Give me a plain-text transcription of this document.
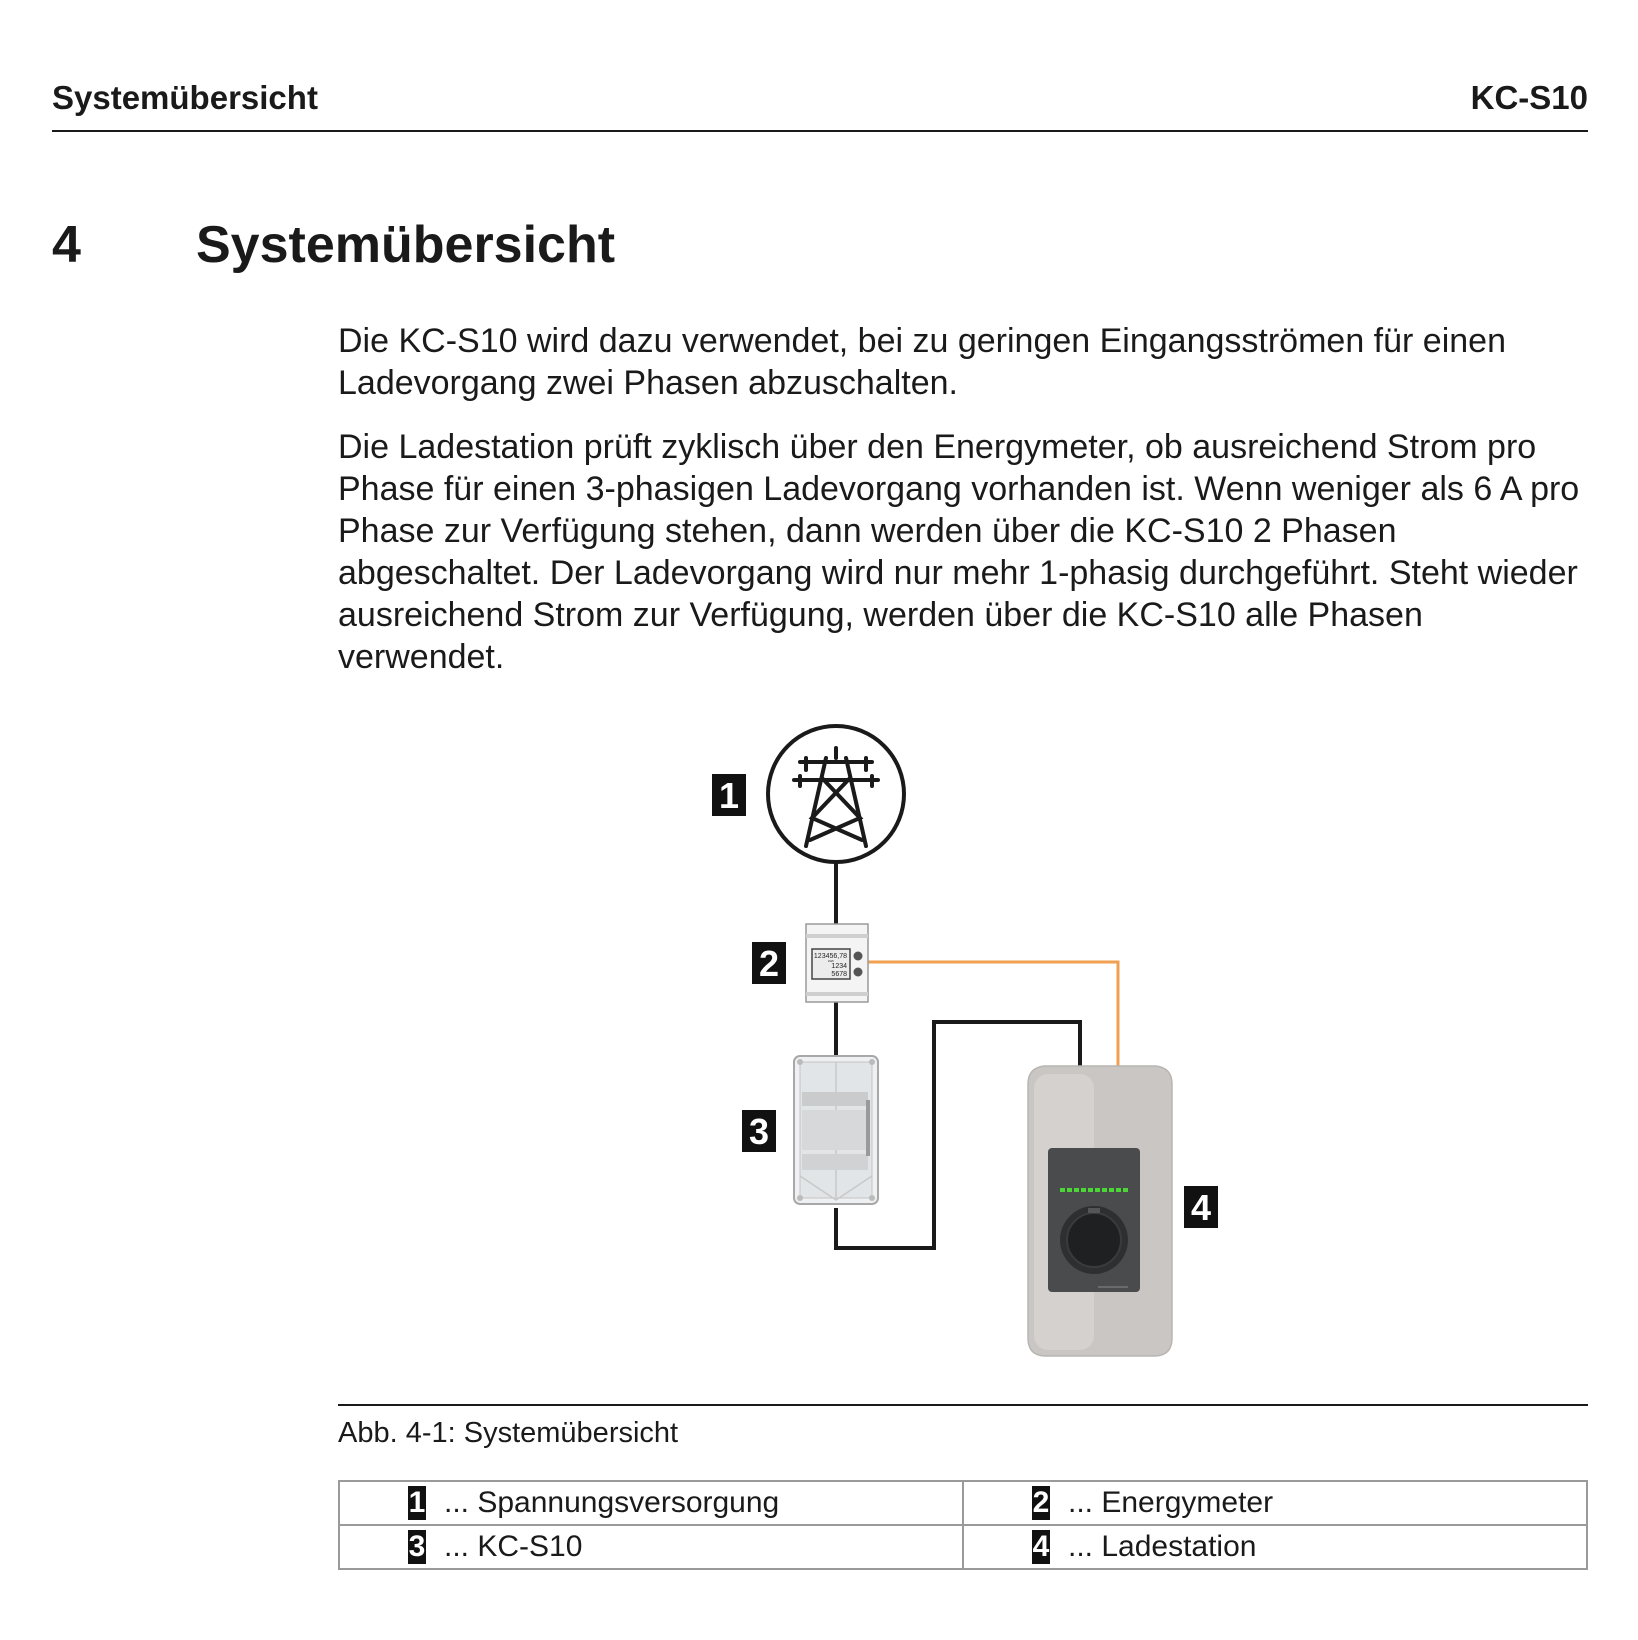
Systemübersicht	KC-S10
4 Systemübersicht

Die KC-S10 wird dazu verwendet, bei zu geringen Eingangsströmen für einen Ladevorgang zwei Phasen abzuschalten.

Die Ladestation prüft zyklisch über den Energymeter, ob ausreichend Strom pro Phase für einen 3-phasigen Ladevorgang vorhanden ist. Wenn weniger als 6 A pro Phase zur Verfügung stehen, dann werden über die KC-S10 2 Phasen abgeschaltet. Der Ladevorgang wird nur mehr 1-phasig durchgeführt. Steht wieder ausreichend Strom zur Verfügung, werden über die KC-S10 alle Phasen verwendet.

123456,78
kWh
1234
5678
1
2
3
4
Abb. 4-1: Systemübersicht
1 ... Spannungsversorgung	2 ... Energymeter

3 ... KC-S10	4 ... Ladestation
